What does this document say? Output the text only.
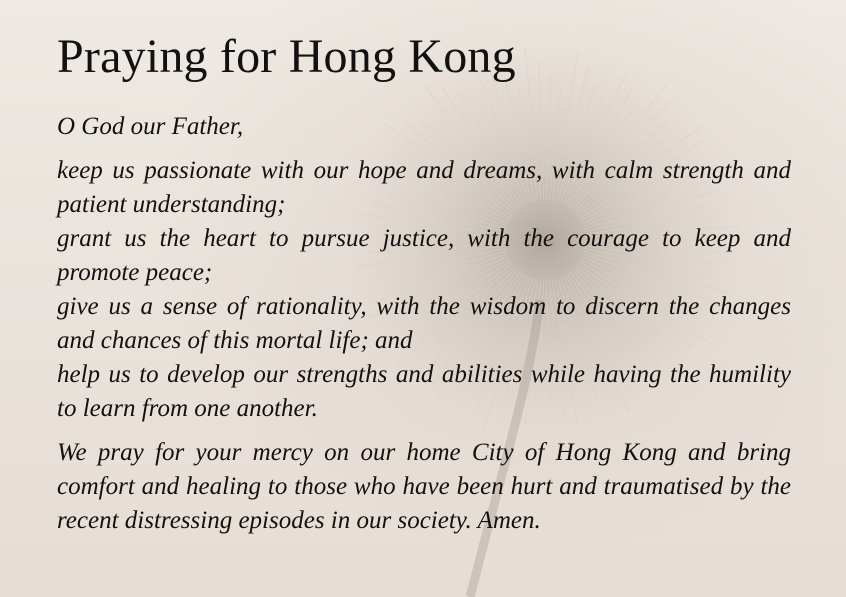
Praying for Hong Kong

O God our Father,

keep us passionate with our hope and dreams, with calm strength and patient understanding;

grant us the heart to pursue justice, with the courage to keep and promote peace;

give us a sense of rationality, with the wisdom to discern the changes and chances of this mortal life; and

help us to develop our strengths and abilities while having the humility to learn from one another.

We pray for your mercy on our home City of Hong Kong and bring comfort and healing to those who have been hurt and traumatised by the recent distressing episodes in our society. Amen.
